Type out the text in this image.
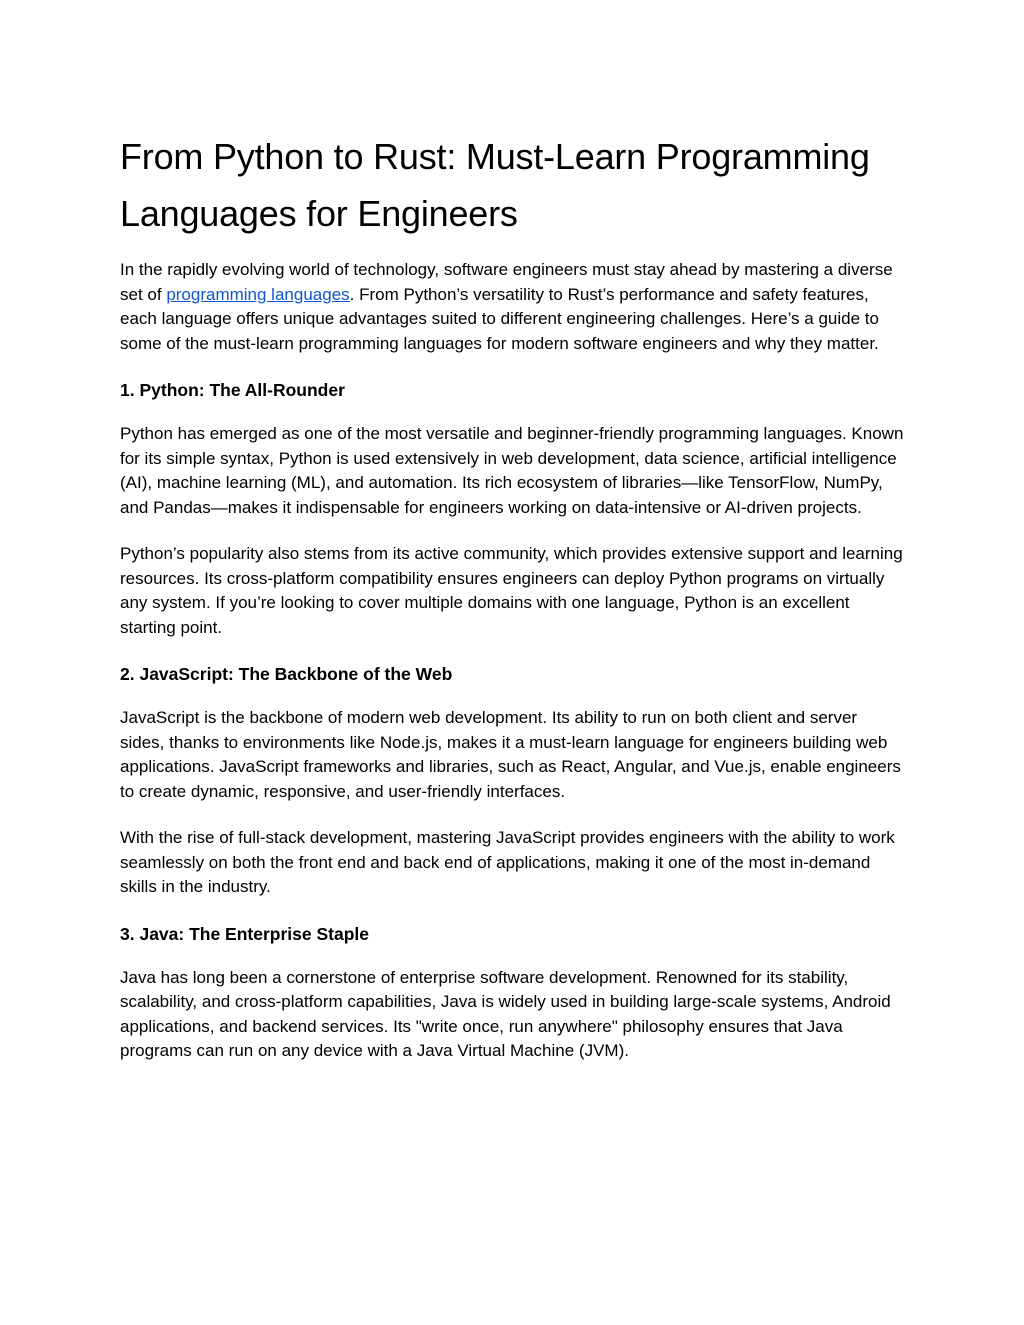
From Python to Rust: Must-Learn Programming Languages for Engineers

In the rapidly evolving world of technology, software engineers must stay ahead by mastering a diverse set of programming languages. From Python’s versatility to Rust’s performance and safety features, each language offers unique advantages suited to different engineering challenges. Here’s a guide to some of the must-learn programming languages for modern software engineers and why they matter.

1. Python: The All-Rounder

Python has emerged as one of the most versatile and beginner-friendly programming languages. Known for its simple syntax, Python is used extensively in web development, data science, artificial intelligence (AI), machine learning (ML), and automation. Its rich ecosystem of libraries—like TensorFlow, NumPy, and Pandas—makes it indispensable for engineers working on data-intensive or AI-driven projects.

Python’s popularity also stems from its active community, which provides extensive support and learning resources. Its cross-platform compatibility ensures engineers can deploy Python programs on virtually any system. If you’re looking to cover multiple domains with one language, Python is an excellent starting point.

2. JavaScript: The Backbone of the Web

JavaScript is the backbone of modern web development. Its ability to run on both client and server sides, thanks to environments like Node.js, makes it a must-learn language for engineers building web applications. JavaScript frameworks and libraries, such as React, Angular, and Vue.js, enable engineers to create dynamic, responsive, and user-friendly interfaces.

With the rise of full-stack development, mastering JavaScript provides engineers with the ability to work seamlessly on both the front end and back end of applications, making it one of the most in-demand skills in the industry.

3. Java: The Enterprise Staple

Java has long been a cornerstone of enterprise software development. Renowned for its stability, scalability, and cross-platform capabilities, Java is widely used in building large-scale systems, Android applications, and backend services. Its "write once, run anywhere" philosophy ensures that Java programs can run on any device with a Java Virtual Machine (JVM).
